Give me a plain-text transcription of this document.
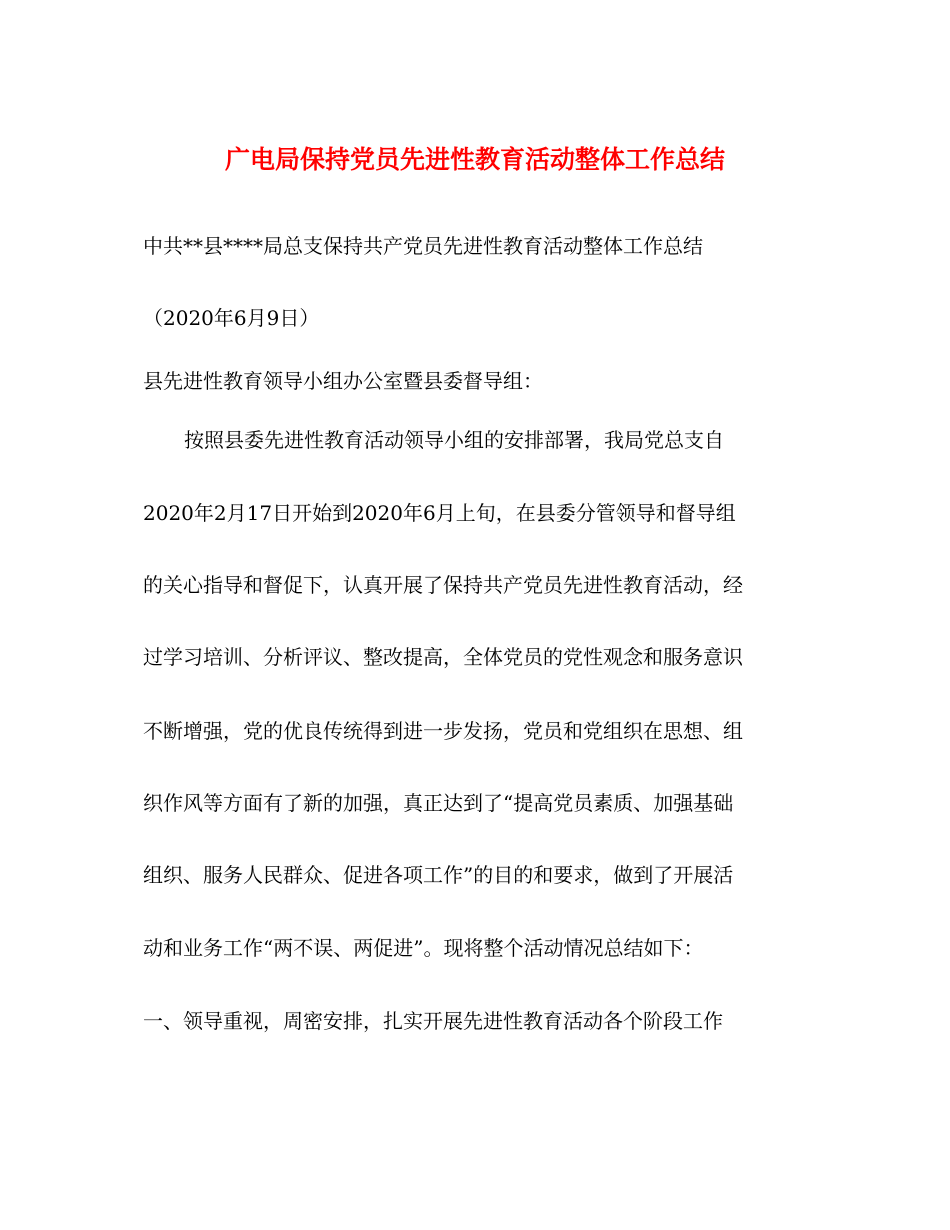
广电局保持党员先进性教育活动整体工作总结

中共**县****局总支保持共产党员先进性教育活动整体工作总结

（2020年6月9日）

县先进性教育领导小组办公室暨县委督导组：

按照县委先进性教育活动领导小组的安排部署，我局党总支自

2020年2月17日开始到2020年6月上旬，在县委分管领导和督导组

的关心指导和督促下，认真开展了保持共产党员先进性教育活动，经

过学习培训、分析评议、整改提高，全体党员的党性观念和服务意识

不断增强，党的优良传统得到进一步发扬，党员和党组织在思想、组

织作风等方面有了新的加强，真正达到了“提高党员素质、加强基础

组织、服务人民群众、促进各项工作”的目的和要求，做到了开展活

动和业务工作“两不误、两促进”。现将整个活动情况总结如下：

一、领导重视，周密安排，扎实开展先进性教育活动各个阶段工作
